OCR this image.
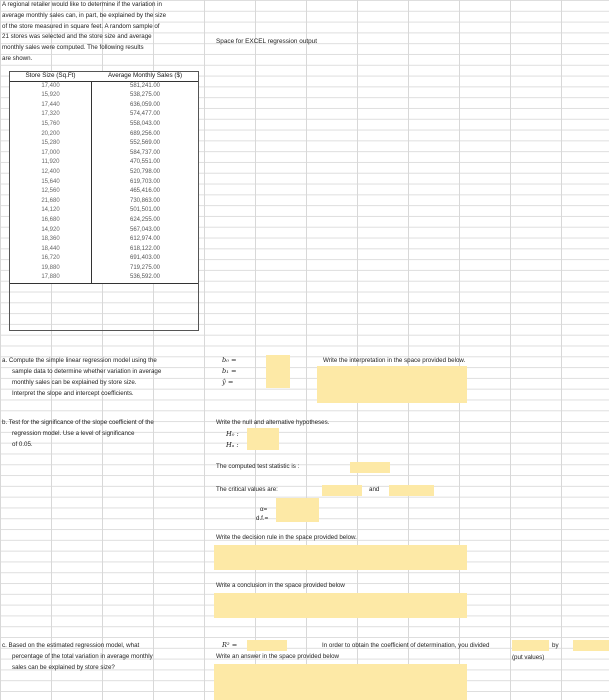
A regional retailer would like to determine if the variation in
average monthly sales can, in part, be explained by the size
of the store measured in square feet. A random sample of
21 stores was selected and the store size and average
monthly sales were computed. The following results
are shown.
Space for EXCEL regression output
Store Size (Sq.Ft)	Average Monthly Sales ($)
17,400	581,241.00
15,920	538,275.00
17,440	636,059.00
17,320	574,477.00
15,760	558,043.00
20,200	689,256.00
15,280	552,569.00
17,000	584,737.00
11,920	470,551.00
12,400	520,798.00
15,640	619,703.00
12,560	465,416.00
21,680	730,863.00
14,120	501,501.00
16,680	624,255.00
14,920	567,043.00
18,360	612,974.00
18,440	618,122.00
16,720	691,403.00
19,880	719,275.00
17,880	536,592.00
a. Compute the simple linear regression model using the
sample data to determine whether variation in average
monthly sales can be explained by store size.
Interpret the slope and intercept coefficients.
b₀ =
b₁ =
ŷ =
Write the interpretation in the space provided below.
b. Test for the significance of the slope coefficient of the
regression model. Use a level of significance
of 0.05.
Write the null and alternative hypotheses.
H₀ :
Hₐ :
The computed test statistic is :
The critical values are:	and
α=
d.f.=
Write the decision rule in the space provided below.
Write a conclusion in the space provided below
c. Based on the estimated regression model, what
percentage of the total variation in average monthly
sales can be explained by store size?
R² =	In order to obtain the coefficient of determination, you divided	by
Write an answer in the space provided below	(put values)
